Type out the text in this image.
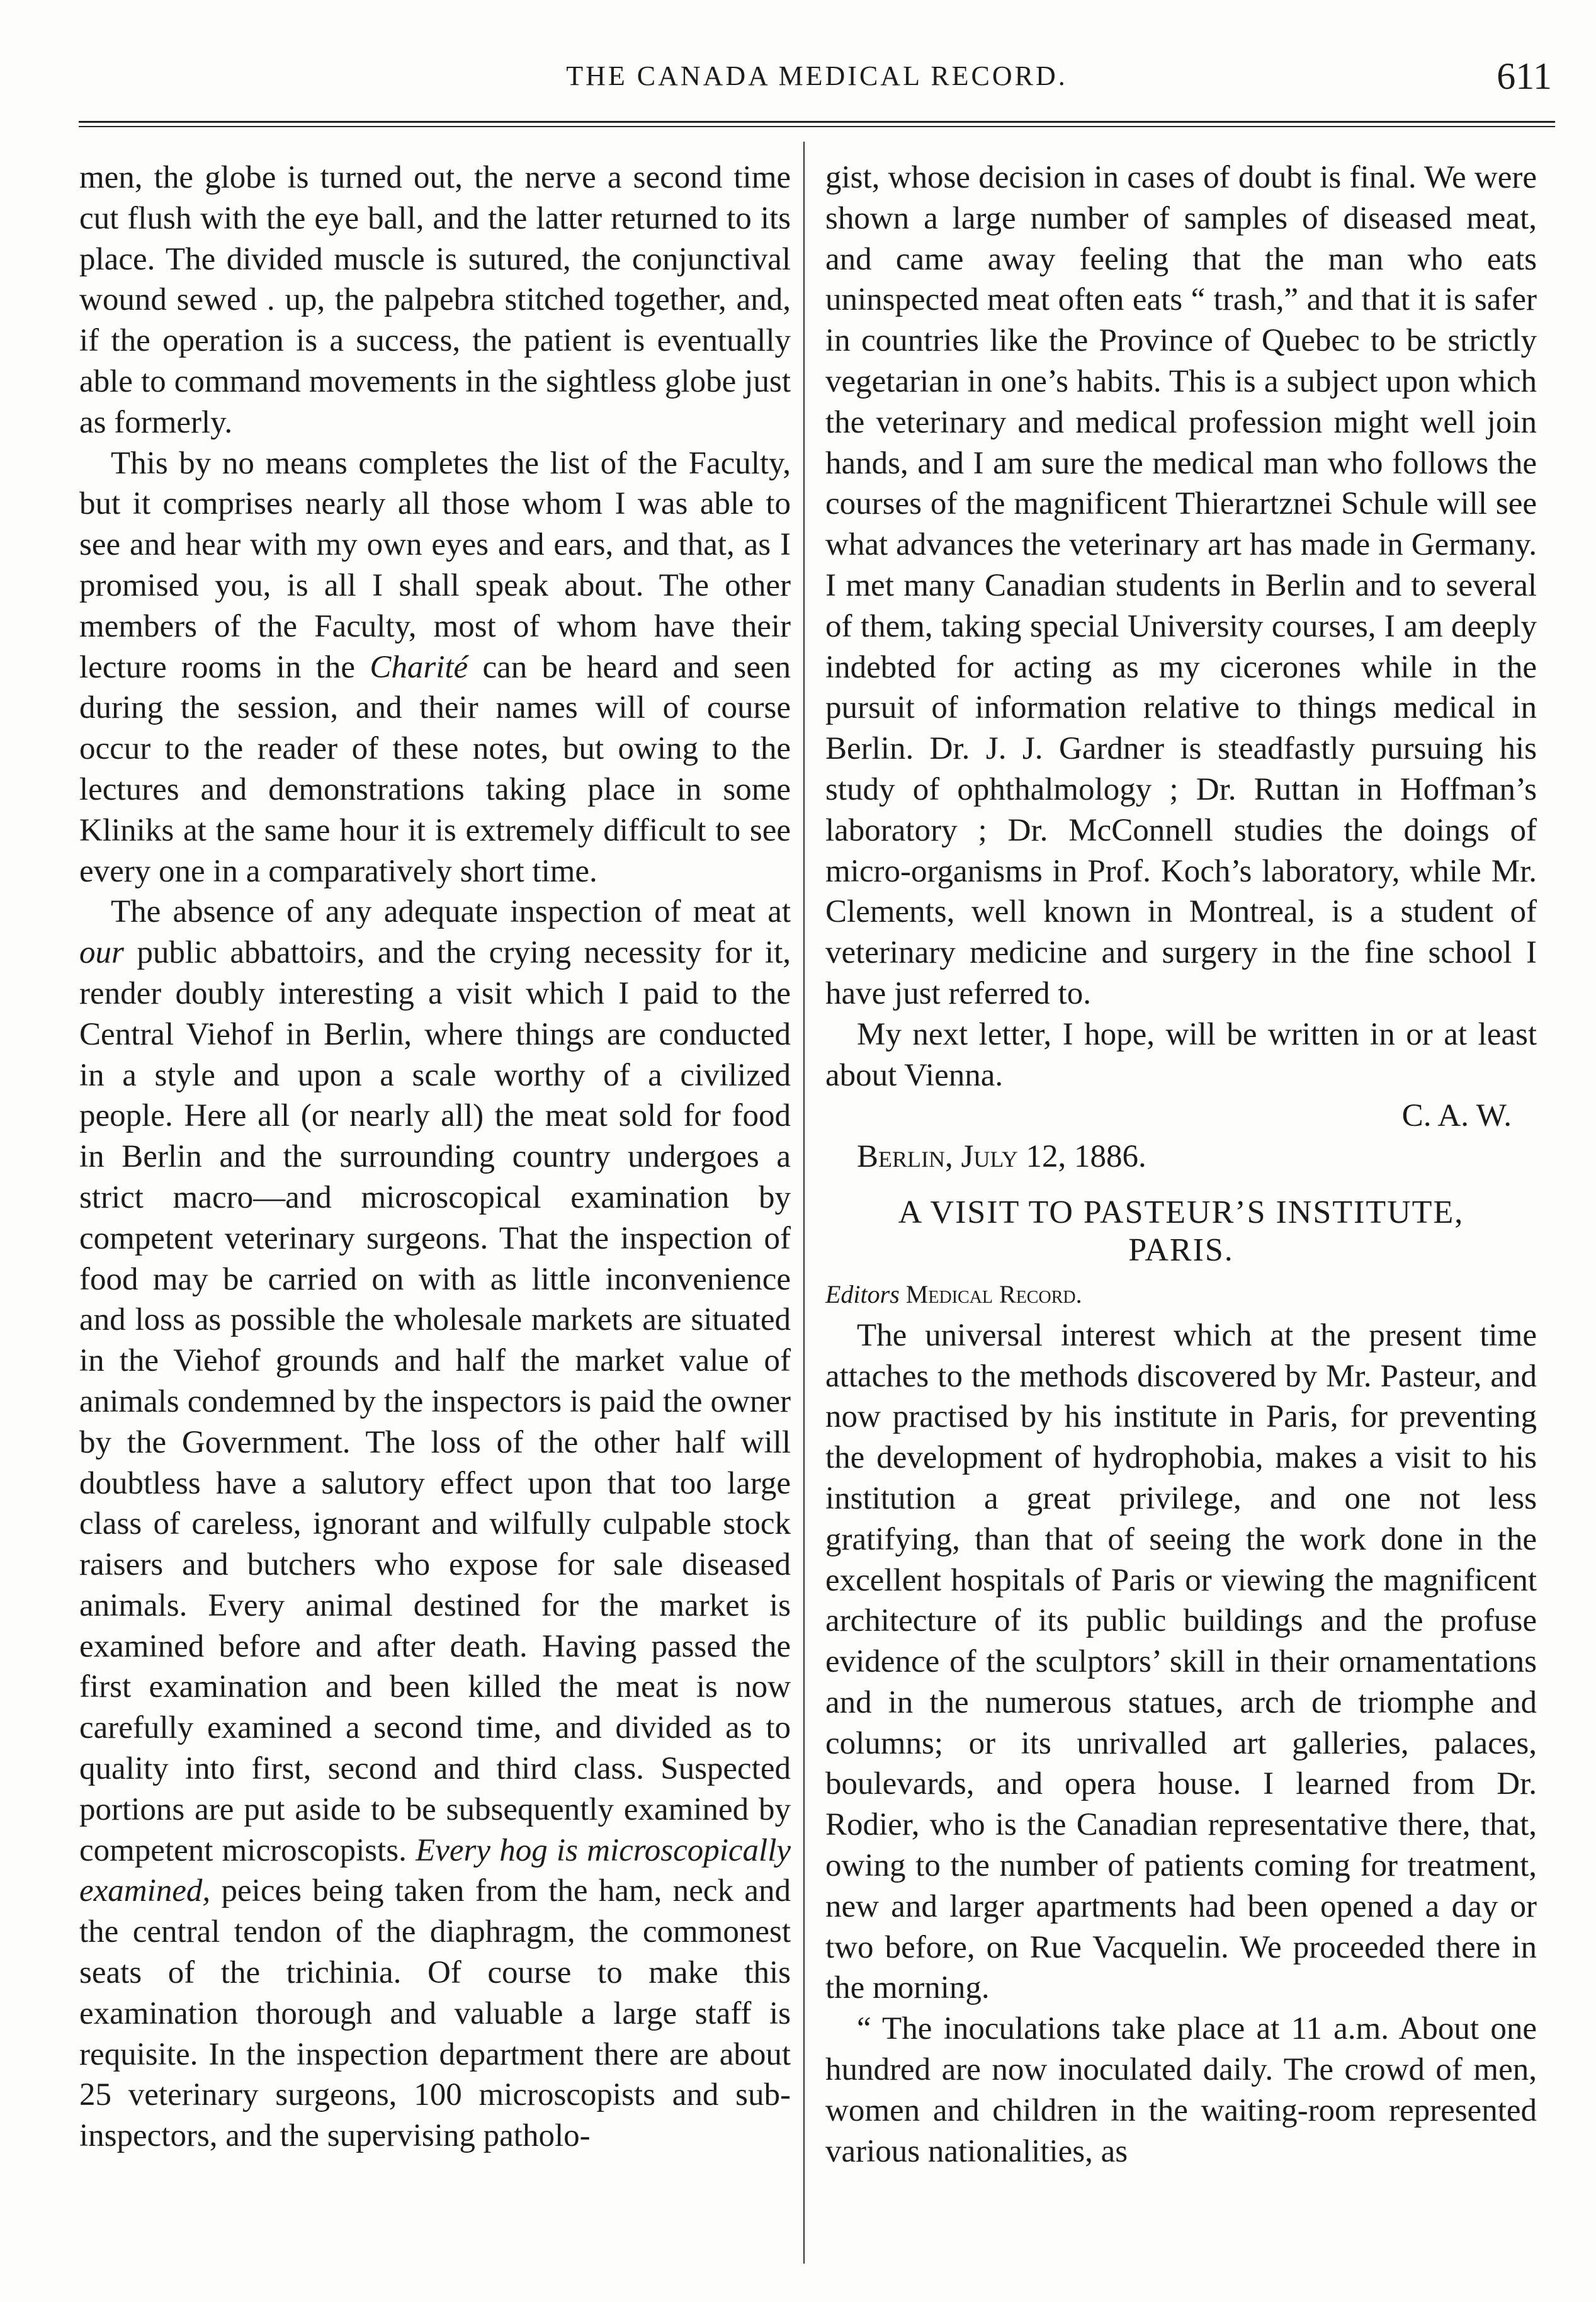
THE CANADA MEDICAL RECORD.	611

men, the globe is turned out, the nerve a second time cut flush with the eye ball, and the latter returned to its place. The divided muscle is sutured, the conjunctival wound sewed . up, the palpebra stitched together, and, if the operation is a success, the patient is eventually able to command movements in the sightless globe just as formerly.

This by no means completes the list of the Faculty, but it comprises nearly all those whom I was able to see and hear with my own eyes and ears, and that, as I promised you, is all I shall speak about. The other members of the Faculty, most of whom have their lecture rooms in the Charité can be heard and seen during the session, and their names will of course occur to the reader of these notes, but owing to the lectures and demonstrations taking place in some Kliniks at the same hour it is extremely difficult to see every one in a comparatively short time.

The absence of any adequate inspection of meat at our public abbattoirs, and the crying necessity for it, render doubly interesting a visit which I paid to the Central Viehof in Berlin, where things are conducted in a style and upon a scale worthy of a civilized people. Here all (or nearly all) the meat sold for food in Berlin and the surrounding country undergoes a strict macro—and microscopical examination by competent veterinary surgeons. That the inspection of food may be carried on with as little inconvenience and loss as possible the wholesale markets are situated in the Viehof grounds and half the market value of animals condemned by the inspectors is paid the owner by the Government. The loss of the other half will doubtless have a salutory effect upon that too large class of careless, ignorant and wilfully culpable stock raisers and butchers who expose for sale diseased animals. Every animal destined for the market is examined before and after death. Having passed the first examination and been killed the meat is now carefully examined a second time, and divided as to quality into first, second and third class. Suspected portions are put aside to be subsequently examined by competent microscopists. Every hog is microscopically examined, peices being taken from the ham, neck and the central tendon of the diaphragm, the commonest seats of the trichinia. Of course to make this examination thorough and valuable a large staff is requisite. In the inspection department there are about 25 veterinary surgeons, 100 microscopists and sub-inspectors, and the supervising patholo-

gist, whose decision in cases of doubt is final. We were shown a large number of samples of diseased meat, and came away feeling that the man who eats uninspected meat often eats “ trash,” and that it is safer in countries like the Province of Quebec to be strictly vegetarian in one’s habits. This is a subject upon which the veterinary and medical profession might well join hands, and I am sure the medical man who follows the courses of the magnificent Thierartznei Schule will see what advances the veterinary art has made in Germany. I met many Canadian students in Berlin and to several of them, taking special University courses, I am deeply indebted for acting as my cicerones while in the pursuit of information relative to things medical in Berlin. Dr. J. J. Gardner is steadfastly pursuing his study of ophthalmology ; Dr. Ruttan in Hoffman’s laboratory ; Dr. McConnell studies the doings of micro-organisms in Prof. Koch’s laboratory, while Mr. Clements, well known in Montreal, is a student of veterinary medicine and surgery in the fine school I have just referred to.

My next letter, I hope, will be written in or at least about Vienna.

C. A. W.

Berlin, July 12, 1886.

A VISIT TO PASTEUR’S INSTITUTE,
PARIS.

Editors Medical Record.

The universal interest which at the present time attaches to the methods discovered by Mr. Pasteur, and now practised by his institute in Paris, for preventing the development of hydrophobia, makes a visit to his institution a great privilege, and one not less gratifying, than that of seeing the work done in the excellent hospitals of Paris or viewing the magnificent architecture of its public buildings and the profuse evidence of the sculptors’ skill in their ornamentations and in the numerous statues, arch de triomphe and columns; or its unrivalled art galleries, palaces, boulevards, and opera house. I learned from Dr. Rodier, who is the Canadian representative there, that, owing to the number of patients coming for treatment, new and larger apartments had been opened a day or two before, on Rue Vacquelin. We proceeded there in the morning.

“ The inoculations take place at 11 a.m. About one hundred are now inoculated daily. The crowd of men, women and children in the waiting-room represented various nationalities, as
